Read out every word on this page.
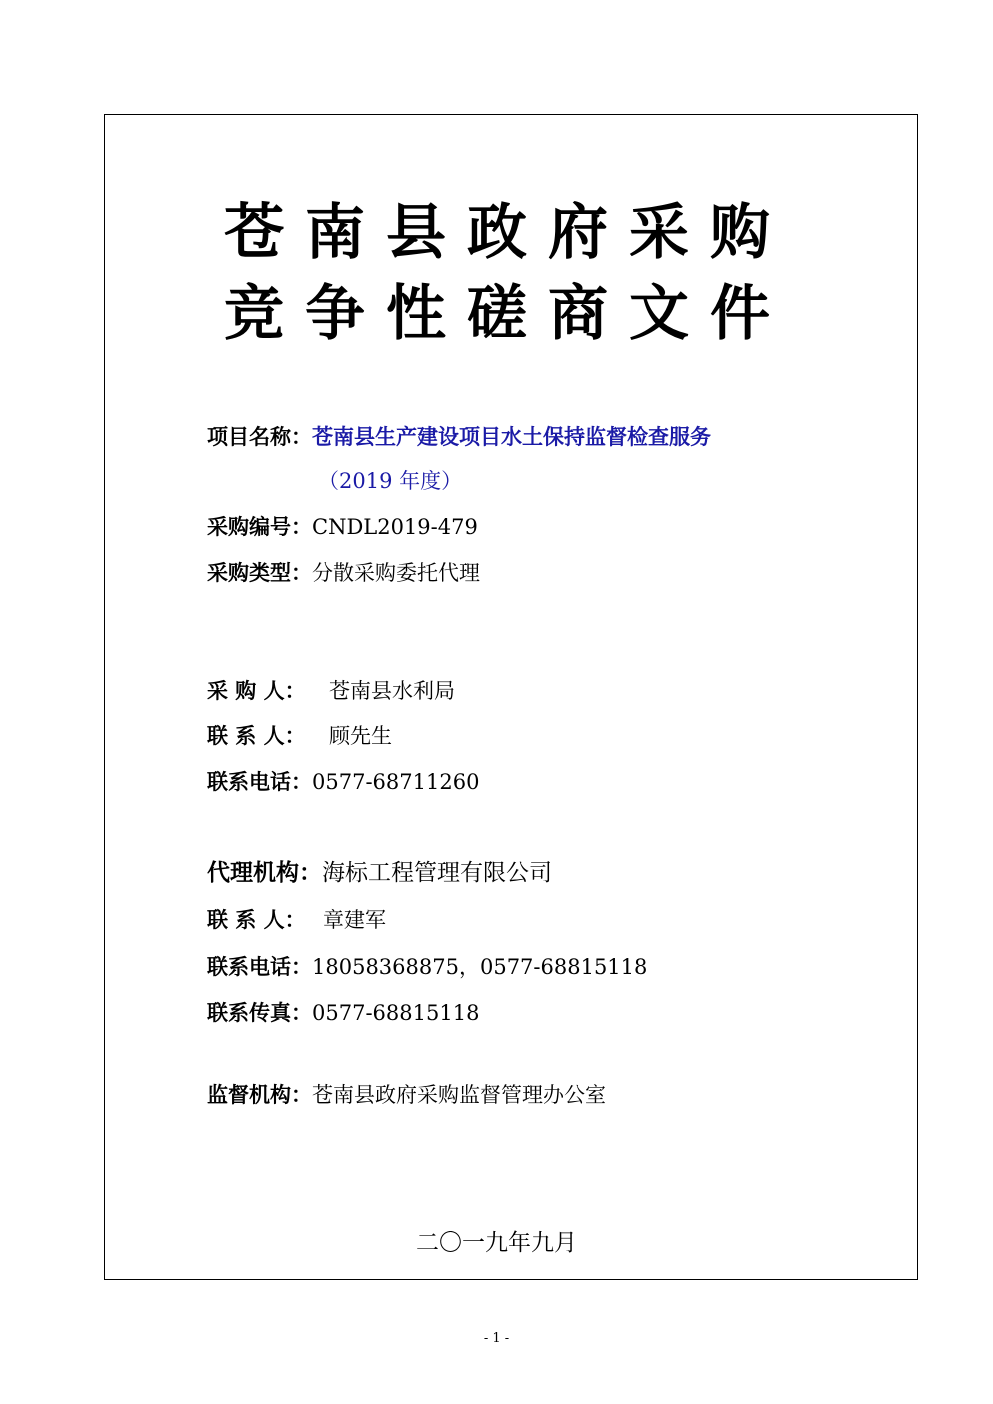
苍南县政府采购
竞争性磋商文件
项目名称：苍南县生产建设项目水土保持监督检查服务
（2019 年度）
采购编号：CNDL2019-479
采购类型：分散采购委托代理
采 购 人： 苍南县水利局
联 系 人： 顾先生
联系电话：0577-68711260
代理机构：海标工程管理有限公司
联 系 人： 章建军
联系电话：18058368875，0577-68815118
联系传真：0577-68815118
监督机构：苍南县政府采购监督管理办公室
二〇一九年九月
- 1 -
